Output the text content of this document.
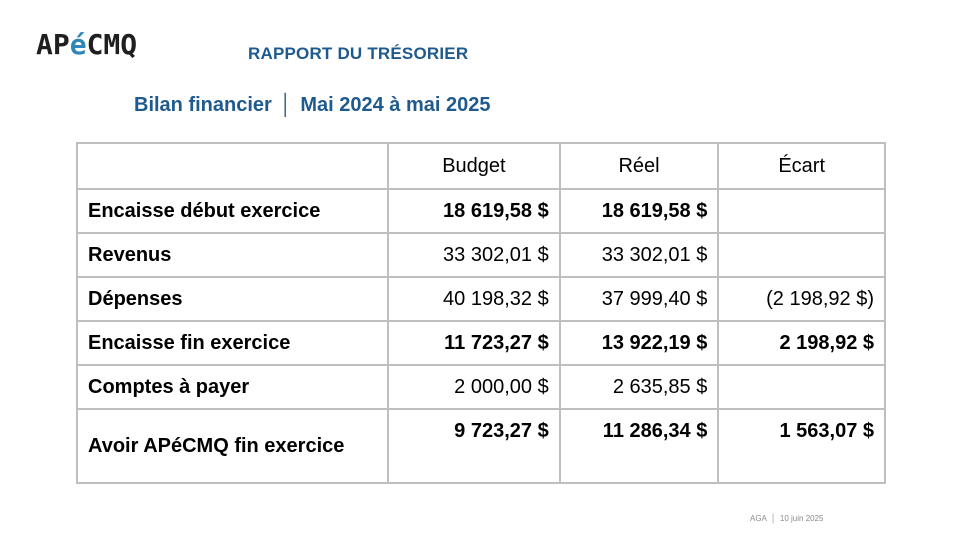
APéCMQ	RAPPORT DU TRÉSORIER
Bilan financier │ Mai 2024 à mai 2025
	Budget	Réel	Écart
Encaisse début exercice	18 619,58 $	18 619,58 $	
Revenus	33 302,01 $	33 302,01 $	
Dépenses	40 198,32 $	37 999,40 $	(2 198,92 $)
Encaisse fin exercice	11 723,27 $	13 922,19 $	2 198,92 $
Comptes à payer	2 000,00 $	2 635,85 $	
Avoir APéCMQ fin exercice	9 723,27 $	11 286,34 $	1 563,07 $
AGA │ 10 juin 2025
